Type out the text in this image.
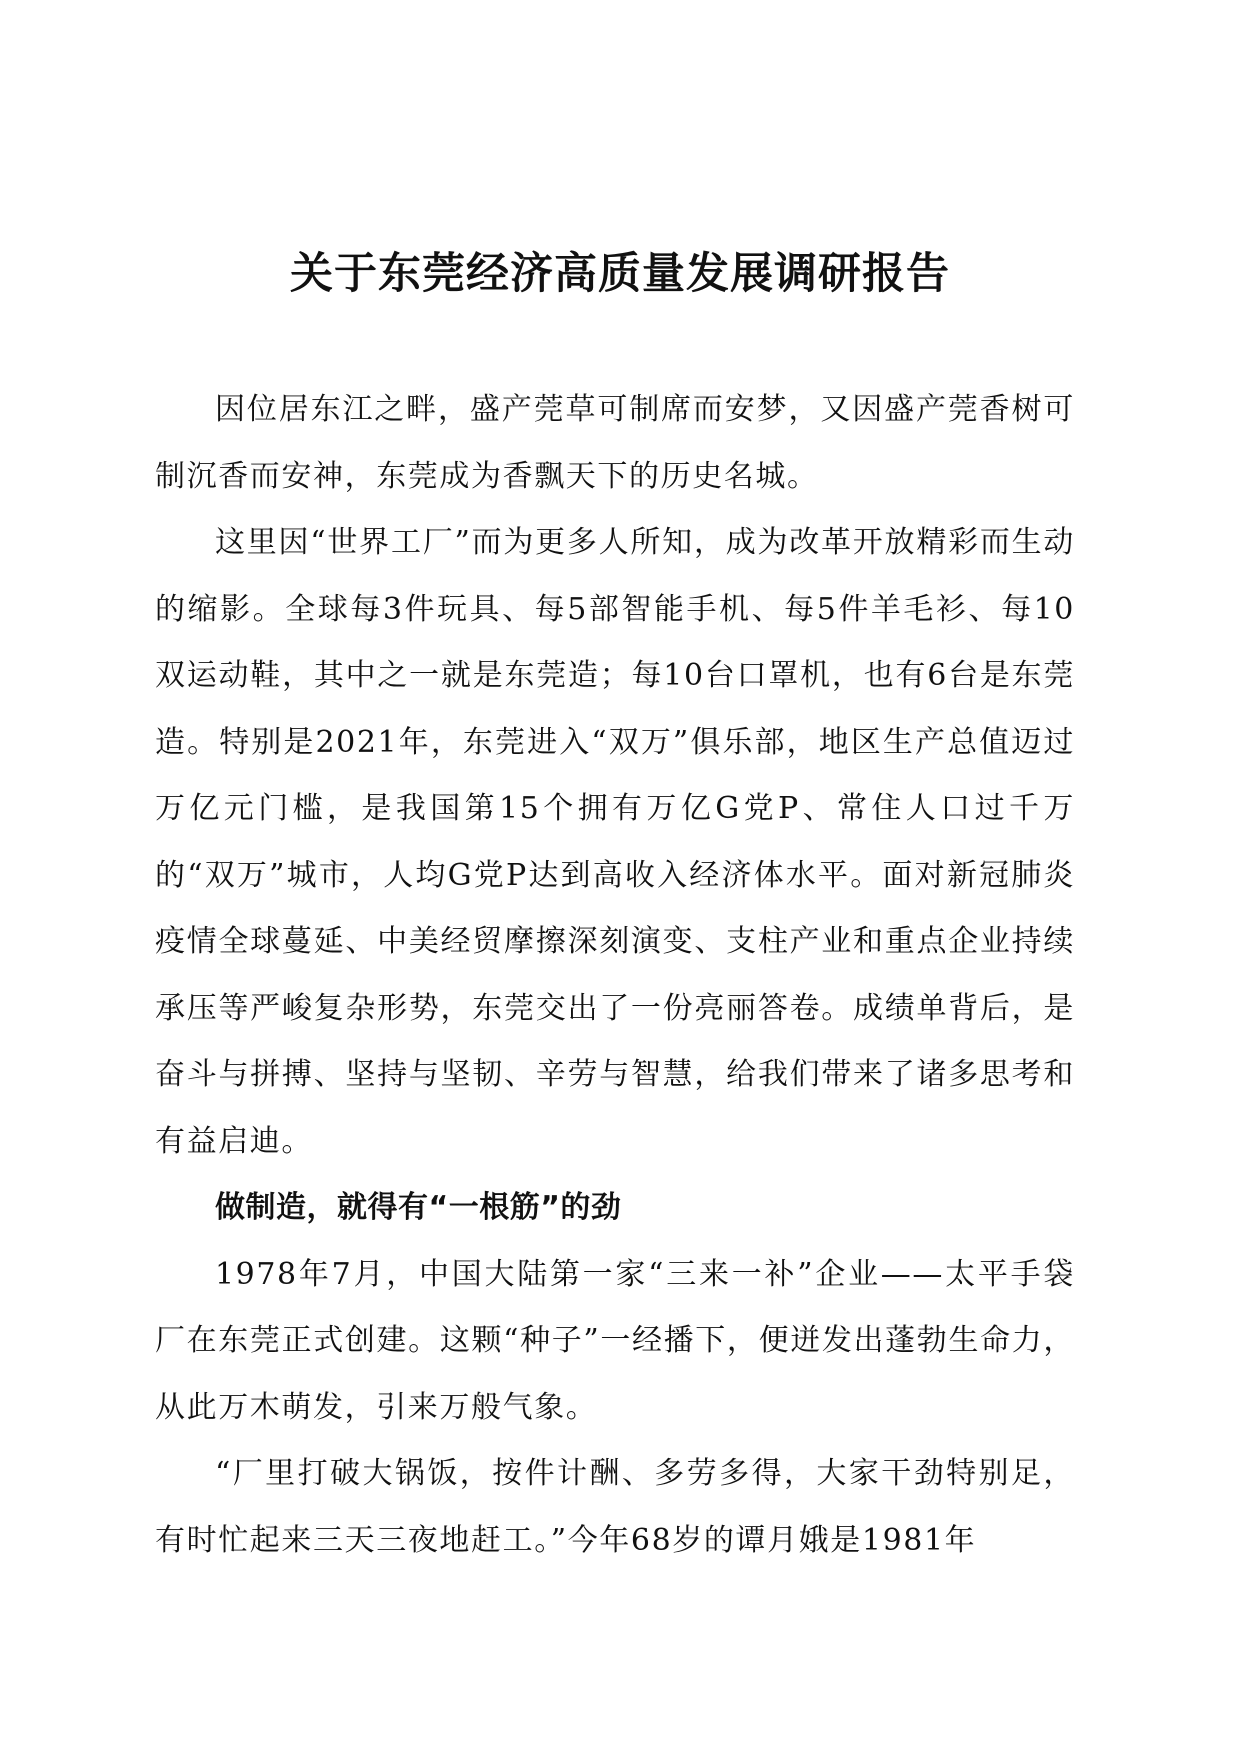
关于东莞经济高质量发展调研报告

因位居东江之畔，盛产莞草可制席而安梦，又因盛产莞香树可制沉香而安神，东莞成为香飘天下的历史名城。

这里因“世界工厂”而为更多人所知，成为改革开放精彩而生动的缩影。全球每3件玩具、每5部智能手机、每5件羊毛衫、每10双运动鞋，其中之一就是东莞造；每10台口罩机，也有6台是东莞造。特别是2021年，东莞进入“双万”俱乐部，地区生产总值迈过万亿元门槛，是我国第15个拥有万亿G党P、常住人口过千万的“双万”城市，人均G党P达到高收入经济体水平。面对新冠肺炎疫情全球蔓延、中美经贸摩擦深刻演变、支柱产业和重点企业持续承压等严峻复杂形势，东莞交出了一份亮丽答卷。成绩单背后，是奋斗与拼搏、坚持与坚韧、辛劳与智慧，给我们带来了诸多思考和有益启迪。

做制造，就得有“一根筋”的劲

1978年7月，中国大陆第一家“三来一补”企业——太平手袋厂在东莞正式创建。这颗“种子”一经播下，便迸发出蓬勃生命力，从此万木萌发，引来万般气象。

“厂里打破大锅饭，按件计酬、多劳多得，大家干劲特别足，有时忙起来三天三夜地赶工。”今年68岁的谭月娥是1981年
